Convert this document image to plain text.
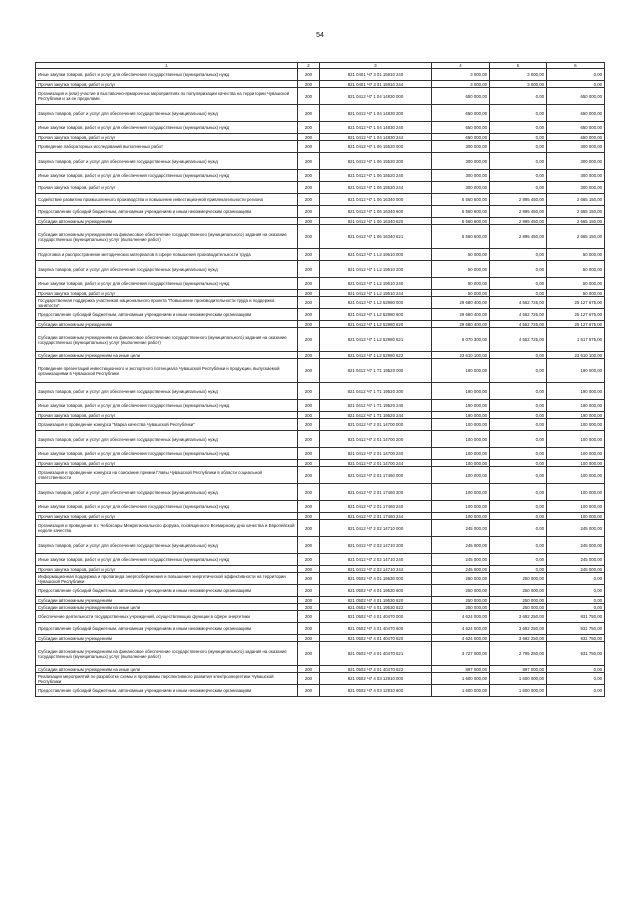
54
1	2	3	4	5	6
Иные закупки товаров, работ и услуг для обеспечения государственных (муниципальных) нужд	200	821 0401 Ч7 3 01 15910 240	3 000,00	3 000,00	0,00
Прочая закупка товаров, работ и услуг	200	821 0401 Ч7 3 01 15910 244	3 000,00	3 000,00	0,00
Организация и (или) участие в выставочно-ярмарочных мероприятиях по популяризации качества на территории Чувашской Республики и за ее пределами	200	821 0412 Ч7 1 04 14830 000	650 000,00	0,00	650 000,00
Закупка товаров, работ и услуг для обеспечения государственных (муниципальных) нужд	200	821 0412 Ч7 1 04 14830 200	650 000,00	0,00	650 000,00
Иные закупки товаров, работ и услуг для обеспечения государственных (муниципальных) нужд	200	821 0412 Ч7 1 04 14830 240	650 000,00	0,00	650 000,00
Прочая закупка товаров, работ и услуг	200	821 0412 Ч7 1 04 14830 244	650 000,00	0,00	650 000,00
Проведение лабораторных исследований выполненных работ	200	821 0412 Ч7 1 06 15520 000	300 000,00	0,00	300 000,00
Закупка товаров, работ и услуг для обеспечения государственных (муниципальных) нужд	200	821 0412 Ч7 1 06 15520 200	300 000,00	0,00	300 000,00
Иные закупки товаров, работ и услуг для обеспечения государственных (муниципальных) нужд	200	821 0412 Ч7 1 06 15520 240	300 000,00	0,00	300 000,00
Прочая закупка товаров, работ и услуг	200	821 0412 Ч7 1 06 15520 244	300 000,00	0,00	300 000,00
Содействие развитию промышленного производства и повышение инвестиционной привлекательности региона	200	821 0412 Ч7 1 06 16340 000	5 560 600,00	2 895 450,00	2 665 150,00
Предоставление субсидий бюджетным, автономным учреждениям и иным некоммерческим организациям	200	821 0412 Ч7 1 06 16340 600	5 560 600,00	2 895 450,00	2 665 150,00
Субсидии автономным учреждениям	200	821 0412 Ч7 1 06 16340 620	5 560 600,00	2 895 450,00	2 665 150,00
Субсидии автономным учреждениям на финансовое обеспечение государственного (муниципального) задания на оказание государственных (муниципальных) услуг (выполнение работ)	200	821 0412 Ч7 1 06 16340 621	5 560 600,00	2 895 450,00	2 665 150,00
Подготовка и распространение методических материалов в сфере повышения производительности труда	200	821 0412 Ч7 1 L2 19510 000	50 000,00	0,00	50 000,00
Закупка товаров, работ и услуг для обеспечения государственных (муниципальных) нужд	200	821 0412 Ч7 1 L2 19510 200	50 000,00	0,00	50 000,00
Иные закупки товаров, работ и услуг для обеспечения государственных (муниципальных) нужд	200	821 0412 Ч7 1 L2 19510 240	50 000,00	0,00	50 000,00
Прочая закупка товаров, работ и услуг	200	821 0412 Ч7 1 L2 19510 244	50 000,00	0,00	50 000,00
Государственная поддержка участников национального проекта "Повышение производительности труда и поддержка занятости"	200	821 0412 Ч7 1 L2 52980 000	29 680 400,00	4 552 725,00	25 127 675,00
Предоставление субсидий бюджетным, автономным учреждениям и иным некоммерческим организациям	200	821 0412 Ч7 1 L2 52980 600	29 680 400,00	4 552 725,00	25 127 675,00
Субсидии автономным учреждениям	200	821 0412 Ч7 1 L2 52980 620	29 680 400,00	4 552 725,00	25 127 675,00
Субсидии автономным учреждениям на финансовое обеспечение государственного (муниципального) задания на оказание государственных (муниципальных) услуг (выполнение работ)	200	821 0412 Ч7 1 L2 52980 621	6 070 300,00	4 552 725,00	1 517 575,00
Субсидии автономным учреждениям на иные цели	200	821 0412 Ч7 1 L2 52980 622	23 610 100,00	0,00	23 610 100,00
Проведение презентаций инвестиционного и экспортного потенциала Чувашской Республики и продукции, выпускаемой организациями в Чувашской Республике	200	821 0412 Ч7 1 T1 19520 000	190 000,00	0,00	190 000,00
Закупка товаров, работ и услуг для обеспечения государственных (муниципальных) нужд	200	821 0412 Ч7 1 T1 19520 200	190 000,00	0,00	190 000,00
Иные закупки товаров, работ и услуг для обеспечения государственных (муниципальных) нужд	200	821 0412 Ч7 1 T1 19520 240	190 000,00	0,00	190 000,00
Прочая закупка товаров, работ и услуг	200	821 0412 Ч7 1 T1 19520 244	190 000,00	0,00	190 000,00
Организация и проведение конкурса "Марка качества Чувашской Республики"	200	821 0412 Ч7 2 01 14700 000	100 000,00	0,00	100 000,00
Закупка товаров, работ и услуг для обеспечения государственных (муниципальных) нужд	200	821 0412 Ч7 2 01 14700 200	100 000,00	0,00	100 000,00
Иные закупки товаров, работ и услуг для обеспечения государственных (муниципальных) нужд	200	821 0412 Ч7 2 01 14700 240	100 000,00	0,00	100 000,00
Прочая закупка товаров, работ и услуг	200	821 0412 Ч7 2 01 14700 244	100 000,00	0,00	100 000,00
Организация и проведение конкурса на соискание премии Главы Чувашской Республики в области социальной ответственности	200	821 0412 Ч7 2 01 17460 000	100 000,00	0,00	100 000,00
Закупка товаров, работ и услуг для обеспечения государственных (муниципальных) нужд	200	821 0412 Ч7 2 01 17460 200	100 000,00	0,00	100 000,00
Иные закупки товаров, работ и услуг для обеспечения государственных (муниципальных) нужд	200	821 0412 Ч7 2 01 17460 240	100 000,00	0,00	100 000,00
Прочая закупка товаров, работ и услуг	200	821 0412 Ч7 2 01 17460 244	100 000,00	0,00	100 000,00
Организация и проведение в г. Чебоксары Межрегионального форума, посвященного Всемирному дню качества и Европейской неделе качества	200	821 0412 Ч7 2 02 14710 000	245 000,00	0,00	245 000,00
Закупка товаров, работ и услуг для обеспечения государственных (муниципальных) нужд	200	821 0412 Ч7 2 02 14710 200	245 000,00	0,00	245 000,00
Иные закупки товаров, работ и услуг для обеспечения государственных (муниципальных) нужд	200	821 0412 Ч7 2 02 14710 240	245 000,00	0,00	245 000,00
Прочая закупка товаров, работ и услуг	200	821 0412 Ч7 2 02 14710 244	245 000,00	0,00	245 000,00
Информационная поддержка и пропаганда энергосбережения и повышения энергетической эффективности на территории Чувашской Республики	200	821 0502 Ч7 4 01 19530 000	250 000,00	250 000,00	0,00
Предоставление субсидий бюджетным, автономным учреждениям и иным некоммерческим организациям	200	821 0502 Ч7 4 01 19530 600	250 000,00	250 000,00	0,00
Субсидии автономным учреждениям	200	821 0502 Ч7 4 01 19530 620	250 000,00	250 000,00	0,00
Субсидии автономным учреждениям на иные цели	200	821 0502 Ч7 4 01 19530 622	250 000,00	250 000,00	0,00
Обеспечение деятельности государственных учреждений, осуществляющих функции в сфере энергетики	200	821 0502 Ч7 4 01 40470 000	4 624 000,00	3 692 250,00	931 750,00
Предоставление субсидий бюджетным, автономным учреждениям и иным некоммерческим организациям	200	821 0502 Ч7 4 01 40470 600	4 624 000,00	3 692 250,00	931 750,00
Субсидии автономным учреждениям	200	821 0502 Ч7 4 01 40470 620	4 624 000,00	3 692 250,00	931 750,00
Субсидии автономным учреждениям на финансовое обеспечение государственного (муниципального) задания на оказание государственных (муниципальных) услуг (выполнение работ)	200	821 0502 Ч7 4 01 40470 621	3 727 000,00	2 795 250,00	931 750,00
Субсидии автономным учреждениям на иные цели	200	821 0502 Ч7 4 01 40470 622	897 000,00	897 000,00	0,00
Реализация мероприятий по разработке схемы и программы перспективного развития электроэнергетики Чувашской Республики	200	821 0502 Ч7 4 03 12910 000	1 600 000,00	1 600 000,00	0,00
Предоставление субсидий бюджетным, автономным учреждениям и иным некоммерческим организациям	200	821 0502 Ч7 4 03 12910 600	1 600 000,00	1 600 000,00	0,00
